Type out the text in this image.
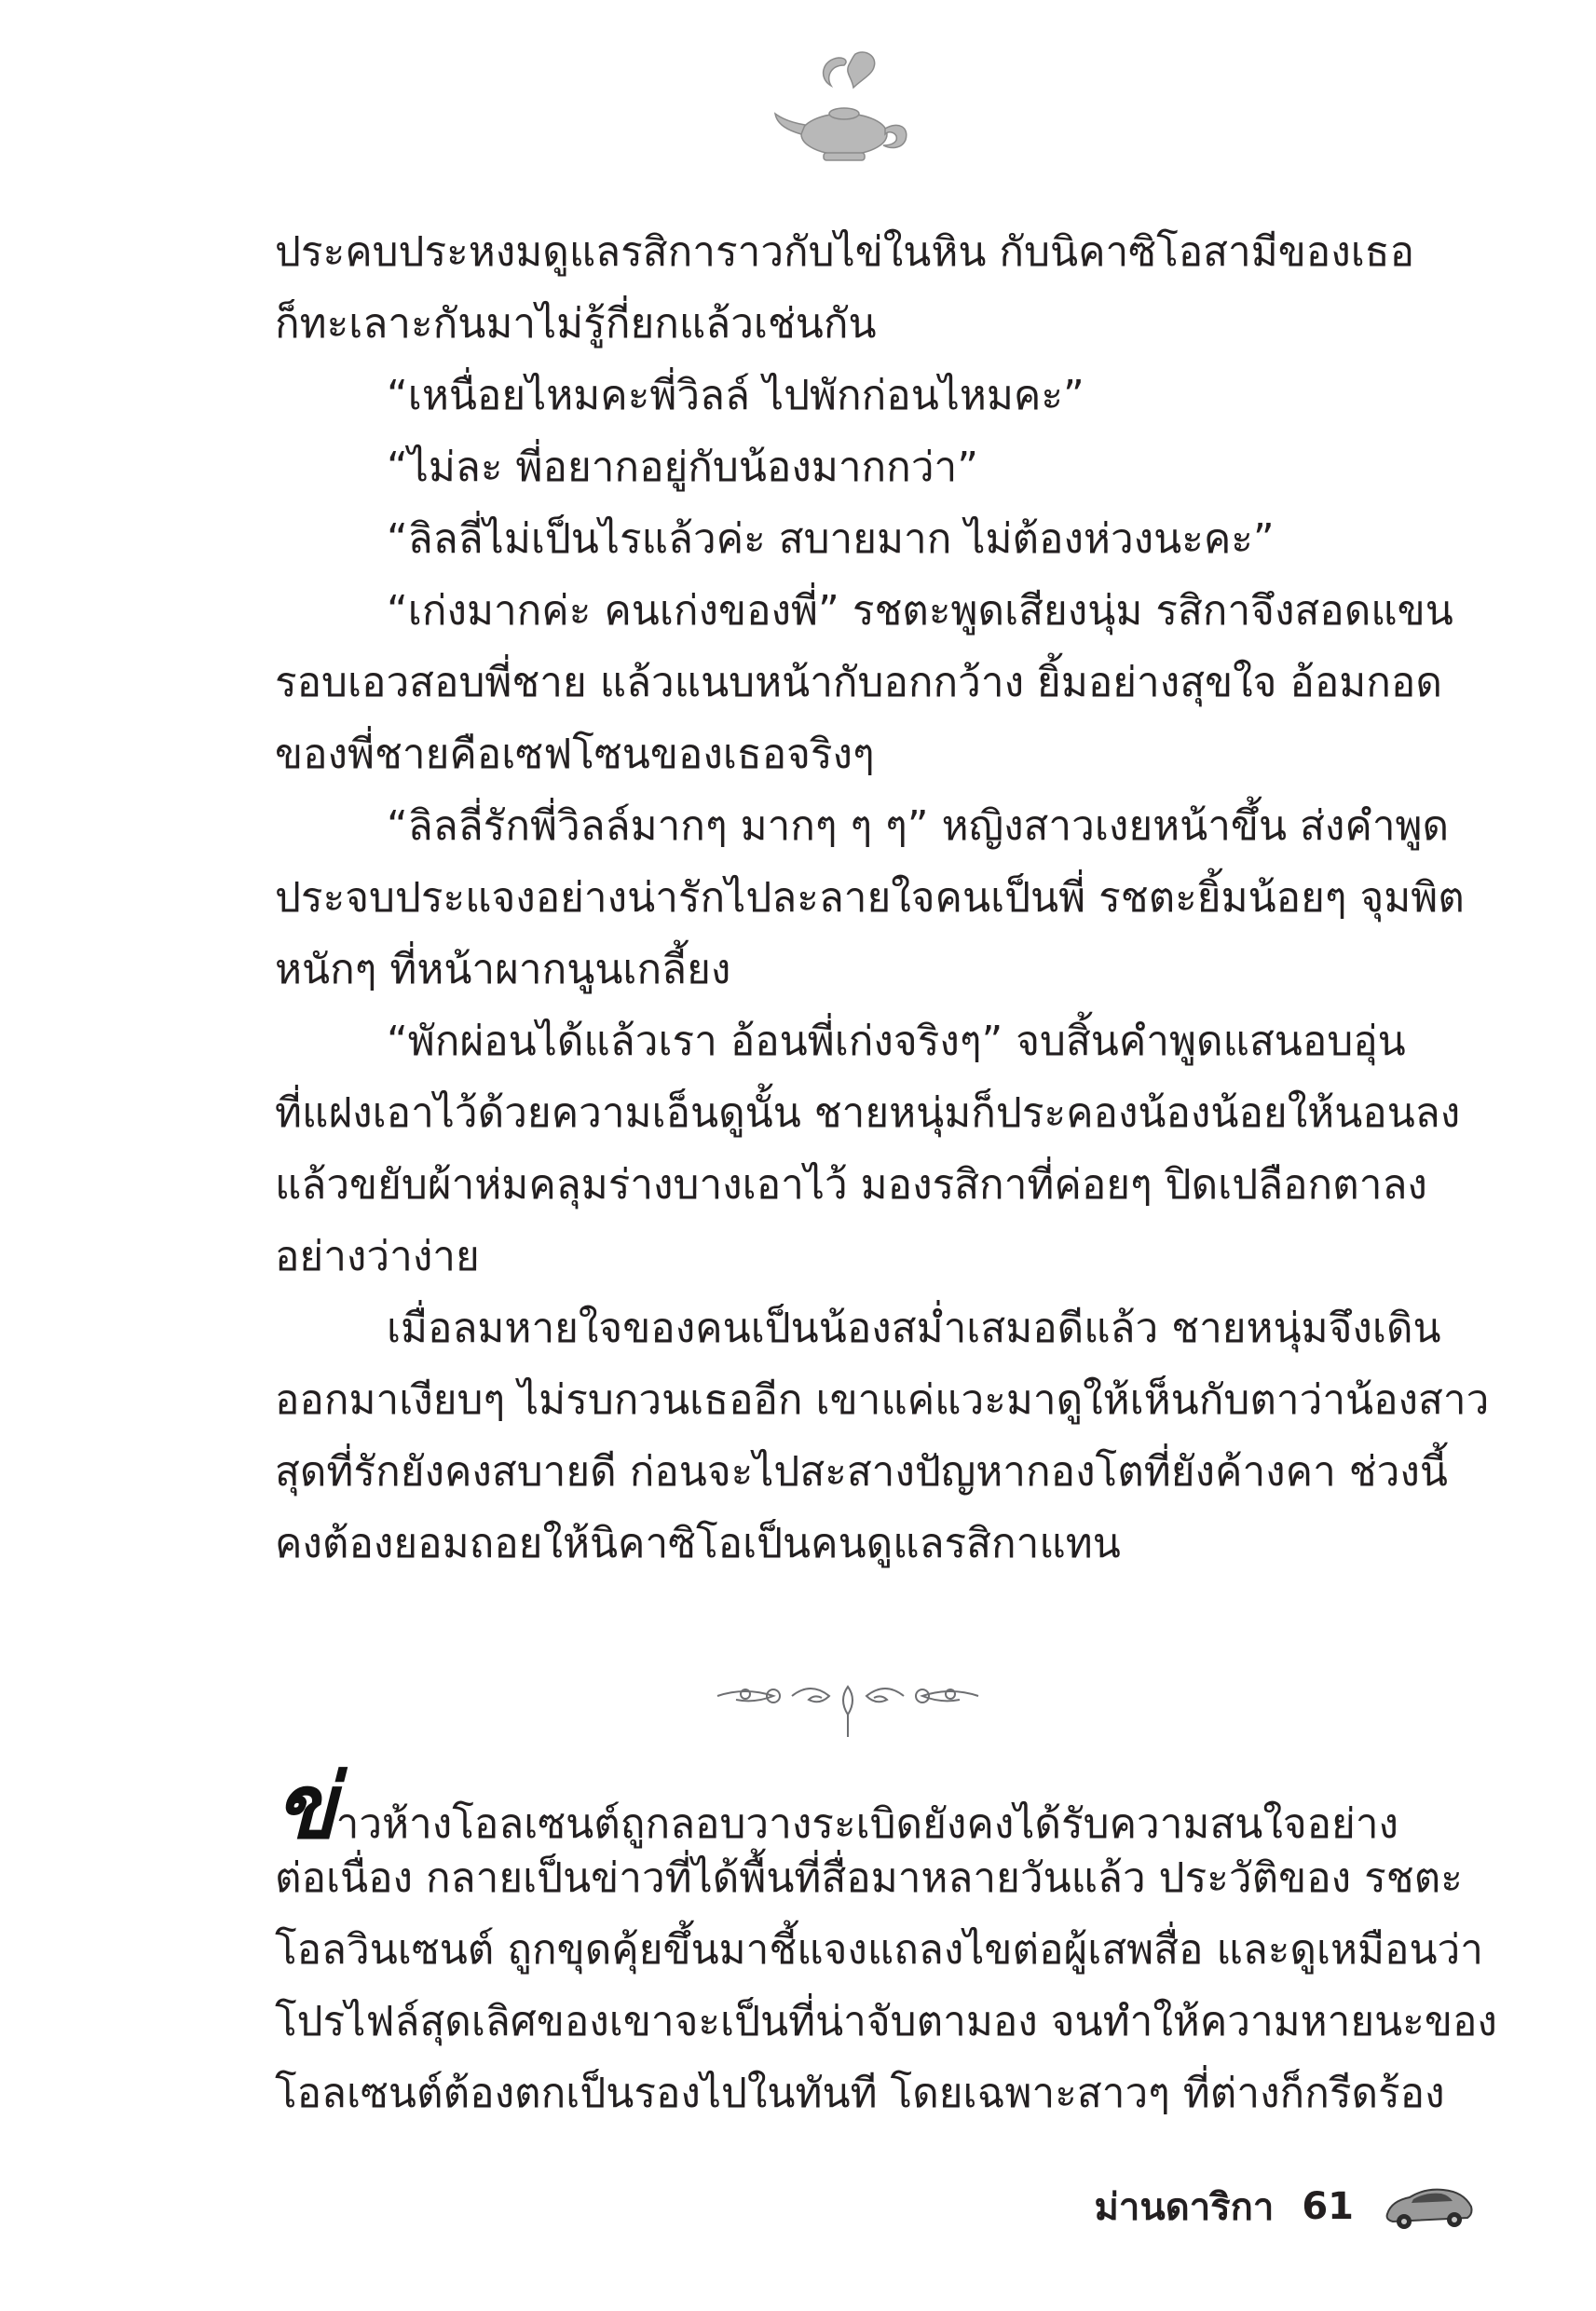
ประคบประหงมดูแลรสิการาวกับไข่ในหิน กับนิคาซิโอสามีของเธอ
ก็ทะเลาะกันมาไม่รู้กี่ยกแล้วเช่นกัน
“เหนื่อยไหมคะพี่วิลล์ ไปพักก่อนไหมคะ”
“ไม่ละ พี่อยากอยู่กับน้องมากกว่า”
“ลิลลี่ไม่เป็นไรแล้วค่ะ สบายมาก ไม่ต้องห่วงนะคะ”
“เก่งมากค่ะ คนเก่งของพี่” รชตะพูดเสียงนุ่ม รสิกาจึงสอดแขน
รอบเอวสอบพี่ชาย แล้วแนบหน้ากับอกกว้าง ยิ้มอย่างสุขใจ อ้อมกอด
ของพี่ชายคือเซฟโซนของเธอจริงๆ
“ลิลลี่รักพี่วิลล์มากๆ มากๆ ๆ ๆ” หญิงสาวเงยหน้าขึ้น ส่งคำพูด
ประจบประแจงอย่างน่ารักไปละลายใจคนเป็นพี่ รชตะยิ้มน้อยๆ จุมพิต
หนักๆ ที่หน้าผากนูนเกลี้ยง
“พักผ่อนได้แล้วเรา อ้อนพี่เก่งจริงๆ” จบสิ้นคำพูดแสนอบอุ่น
ที่แฝงเอาไว้ด้วยความเอ็นดูนั้น ชายหนุ่มก็ประคองน้องน้อยให้นอนลง
แล้วขยับผ้าห่มคลุมร่างบางเอาไว้ มองรสิกาที่ค่อยๆ ปิดเปลือกตาลง
อย่างว่าง่าย
เมื่อลมหายใจของคนเป็นน้องสม่ำเสมอดีแล้ว ชายหนุ่มจึงเดิน
ออกมาเงียบๆ ไม่รบกวนเธออีก เขาแค่แวะมาดูให้เห็นกับตาว่าน้องสาว
สุดที่รักยังคงสบายดี ก่อนจะไปสะสางปัญหากองโตที่ยังค้างคา ช่วงนี้
คงต้องยอมถอยให้นิคาซิโอเป็นคนดูแลรสิกาแทน
ข่าวห้างโอลเซนต์ถูกลอบวางระเบิดยังคงได้รับความสนใจอย่าง
ต่อเนื่อง กลายเป็นข่าวที่ได้พื้นที่สื่อมาหลายวันแล้ว ประวัติของ รชตะ
โอลวินเซนต์ ถูกขุดคุ้ยขึ้นมาชี้แจงแถลงไขต่อผู้เสพสื่อ และดูเหมือนว่า
โปรไฟล์สุดเลิศของเขาจะเป็นที่น่าจับตามอง จนทำให้ความหายนะของ
โอลเซนต์ต้องตกเป็นรองไปในทันที โดยเฉพาะสาวๆ ที่ต่างก็กรีดร้อง
ม่านดาริกา 61
